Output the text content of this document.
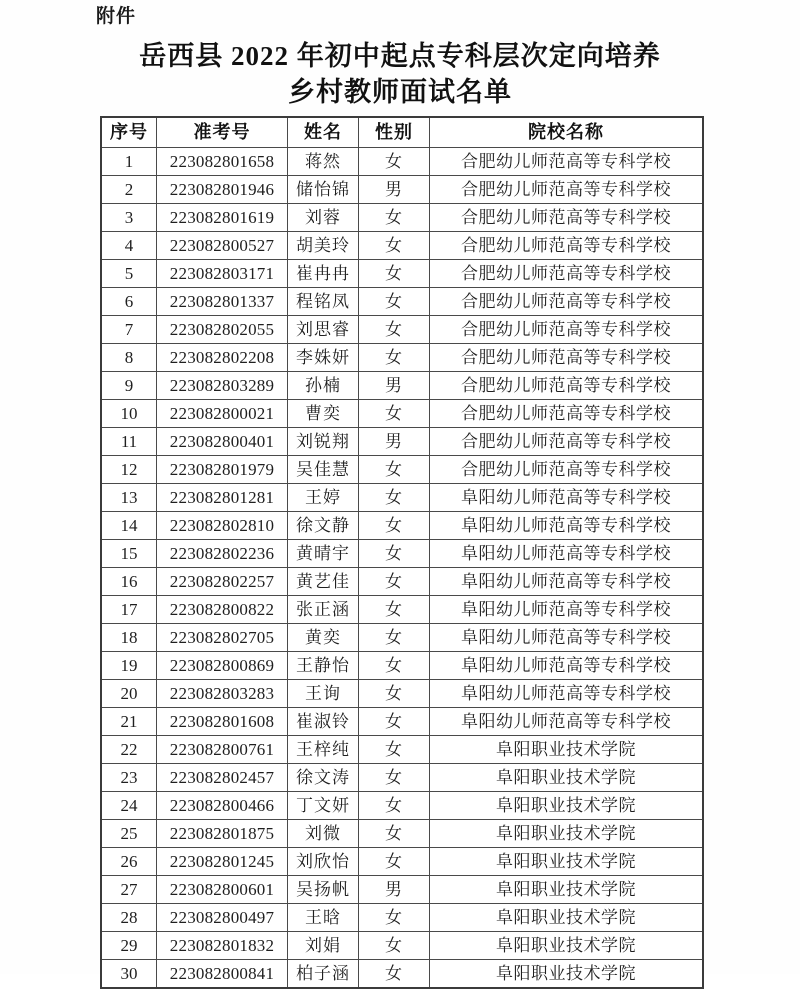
附件
岳西县 2022 年初中起点专科层次定向培养
乡村教师面试名单
序号	准考号	姓名	性别	院校名称
1	223082801658	蒋然	女	合肥幼儿师范高等专科学校
2	223082801946	储怡锦	男	合肥幼儿师范高等专科学校
3	223082801619	刘蓉	女	合肥幼儿师范高等专科学校
4	223082800527	胡美玲	女	合肥幼儿师范高等专科学校
5	223082803171	崔冉冉	女	合肥幼儿师范高等专科学校
6	223082801337	程铭凤	女	合肥幼儿师范高等专科学校
7	223082802055	刘思睿	女	合肥幼儿师范高等专科学校
8	223082802208	李姝妍	女	合肥幼儿师范高等专科学校
9	223082803289	孙楠	男	合肥幼儿师范高等专科学校
10	223082800021	曹奕	女	合肥幼儿师范高等专科学校
11	223082800401	刘锐翔	男	合肥幼儿师范高等专科学校
12	223082801979	吴佳慧	女	合肥幼儿师范高等专科学校
13	223082801281	王婷	女	阜阳幼儿师范高等专科学校
14	223082802810	徐文静	女	阜阳幼儿师范高等专科学校
15	223082802236	黄晴宇	女	阜阳幼儿师范高等专科学校
16	223082802257	黄艺佳	女	阜阳幼儿师范高等专科学校
17	223082800822	张正涵	女	阜阳幼儿师范高等专科学校
18	223082802705	黄奕	女	阜阳幼儿师范高等专科学校
19	223082800869	王静怡	女	阜阳幼儿师范高等专科学校
20	223082803283	王询	女	阜阳幼儿师范高等专科学校
21	223082801608	崔淑铃	女	阜阳幼儿师范高等专科学校
22	223082800761	王梓纯	女	阜阳职业技术学院
23	223082802457	徐文涛	女	阜阳职业技术学院
24	223082800466	丁文妍	女	阜阳职业技术学院
25	223082801875	刘微	女	阜阳职业技术学院
26	223082801245	刘欣怡	女	阜阳职业技术学院
27	223082800601	吴扬帆	男	阜阳职业技术学院
28	223082800497	王晗	女	阜阳职业技术学院
29	223082801832	刘娟	女	阜阳职业技术学院
30	223082800841	柏子涵	女	阜阳职业技术学院
